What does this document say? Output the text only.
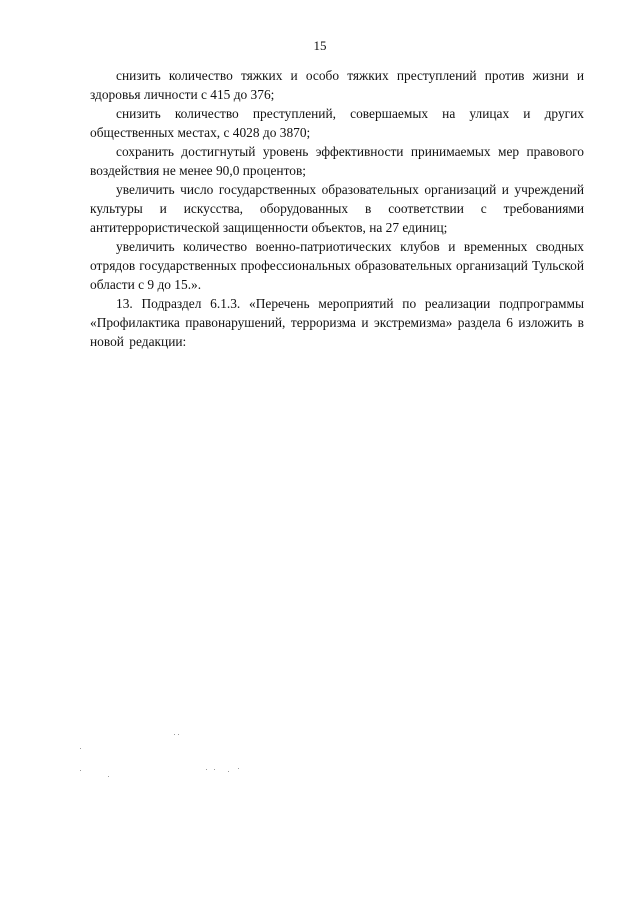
15

снизить количество тяжких и особо тяжких преступлений против жизни и здоровья личности с 415 до 376;

снизить количество преступлений, совершаемых на улицах и других общественных местах, с 4028 до 3870;

сохранить достигнутый уровень эффективности принимаемых мер правового воздействия не менее 90,0 процентов;

увеличить число государственных образовательных организаций и учреждений культуры и искусства, оборудованных в соответствии с требованиями антитеррористической защищенности объектов, на 27 единиц;

увеличить количество военно-патриотических клубов и временных сводных отрядов государственных профессиональных образовательных организаций Тульской области с 9 до 15.».

13. Подраздел 6.1.3. «Перечень мероприятий по реализации подпрограммы «Профилактика правонарушений, терроризма и экстремизма» раздела 6 изложить в новой редакции:
